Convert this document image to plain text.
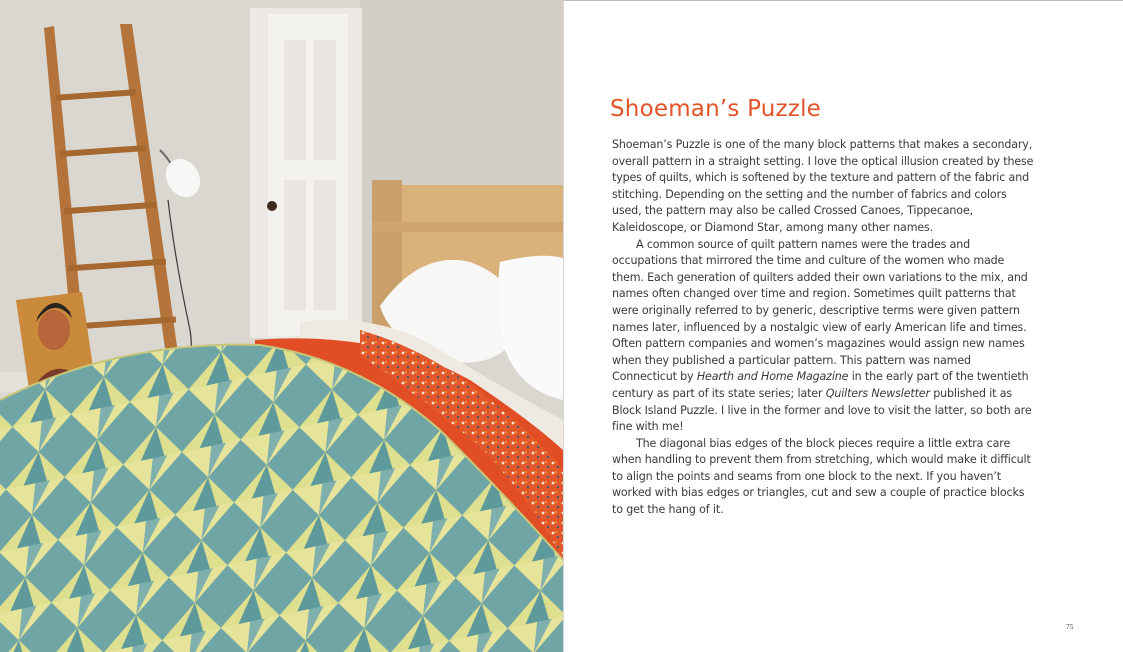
Shoeman’s Puzzle

Shoeman’s Puzzle is one of the many block patterns that makes a secondary, overall pattern in a straight setting. I love the optical illusion created by these types of quilts, which is softened by the texture and pattern of the fabric and stitching. Depending on the setting and the number of fabrics and colors used, the pattern may also be called Crossed Canoes, Tippecanoe, Kaleidoscope, or Diamond Star, among many other names.

A common source of quilt pattern names were the trades and occupations that mirrored the time and culture of the women who made them. Each generation of quilters added their own variations to the mix, and names often changed over time and region. Sometimes quilt patterns that were originally referred to by generic, descriptive terms were given pattern names later, influenced by a nostalgic view of early American life and times. Often pattern companies and women’s magazines would assign new names when they published a particular pattern. This pattern was named Connecticut by Hearth and Home Magazine in the early part of the twentieth century as part of its state series; later Quilters Newsletter published it as Block Island Puzzle. I live in the former and love to visit the latter, so both are fine with me!

The diagonal bias edges of the block pieces require a little extra care when handling to prevent them from stretching, which would make it difficult to align the points and seams from one block to the next. If you haven’t worked with bias edges or triangles, cut and sew a couple of practice blocks to get the hang of it.

75
